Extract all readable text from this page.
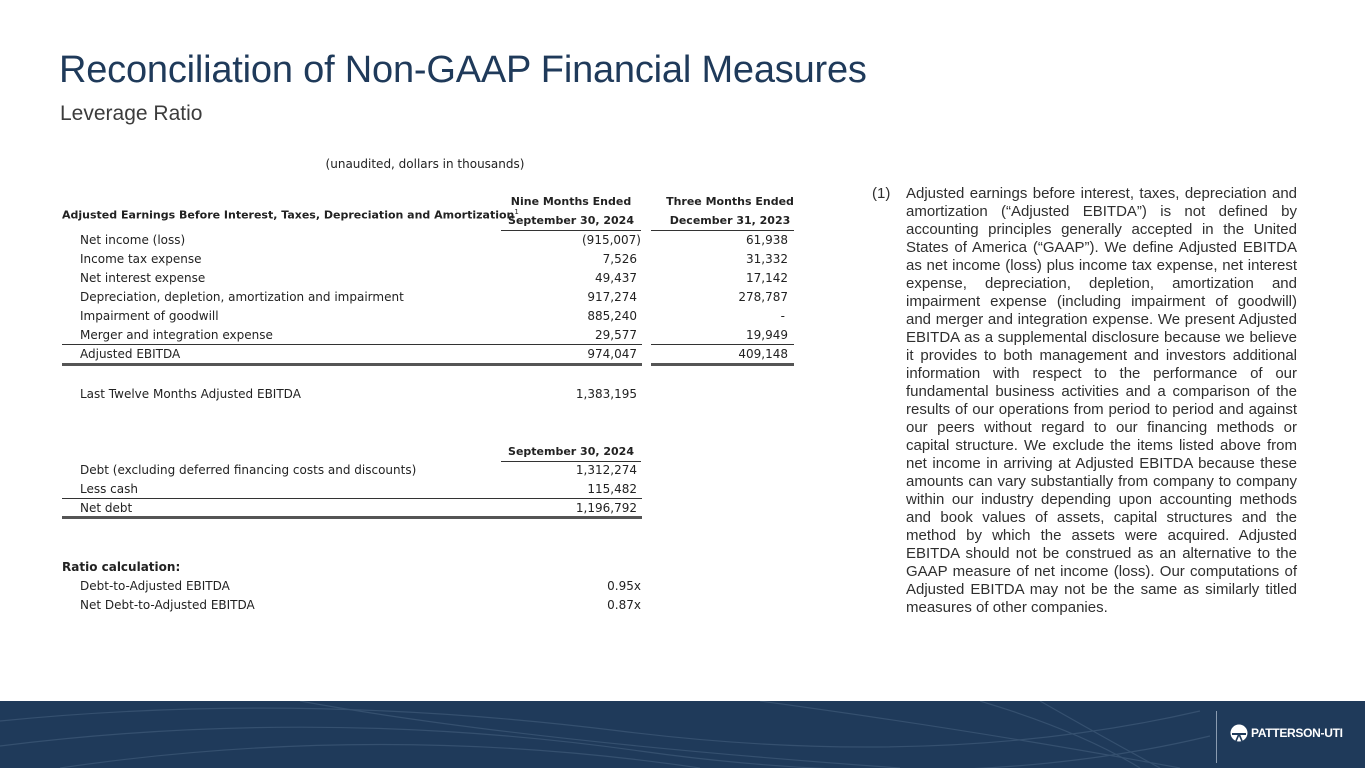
Reconciliation of Non-GAAP Financial Measures
Leverage Ratio
(unaudited, dollars in thousands)
Adjusted Earnings Before Interest, Taxes, Depreciation and Amortization$^1$
Nine Months Ended
September 30, 2024
Three Months Ended
December 31, 2023
Net income (loss)	(915,007)	61,938
Income tax expense	7,526	31,332
Net interest expense	49,437	17,142
Depreciation, depletion, amortization and impairment	917,274	278,787
Impairment of goodwill	885,240	-
Merger and integration expense	29,577	19,949
Adjusted EBITDA	974,047	409,148
Last Twelve Months Adjusted EBITDA	1,383,195
September 30, 2024
Debt (excluding deferred financing costs and discounts)	1,312,274
Less cash	115,482
Net debt	1,196,792
Ratio calculation:
Debt-to-Adjusted EBITDA	0.95x
Net Debt-to-Adjusted EBITDA	0.87x
(1) Adjusted earnings before interest, taxes, depreciation and amortization (“Adjusted EBITDA”) is not defined by accounting principles generally accepted in the United States of America (“GAAP”). We define Adjusted EBITDA as net income (loss) plus income tax expense, net interest expense, depreciation, depletion, amortization and impairment expense (including impairment of goodwill) and merger and integration expense. We present Adjusted EBITDA as a supplemental disclosure because we believe it provides to both management and investors additional information with respect to the performance of our fundamental business activities and a comparison of the results of our operations from period to period and against our peers without regard to our financing methods or capital structure. We exclude the items listed above from net income in arriving at Adjusted EBITDA because these amounts can vary substantially from company to company within our industry depending upon accounting methods and book values of assets, capital structures and the method by which the assets were acquired. Adjusted EBITDA should not be construed as an alternative to the GAAP measure of net income (loss). Our computations of Adjusted EBITDA may not be the same as similarly titled measures of other companies.
PATTERSON-UTI
